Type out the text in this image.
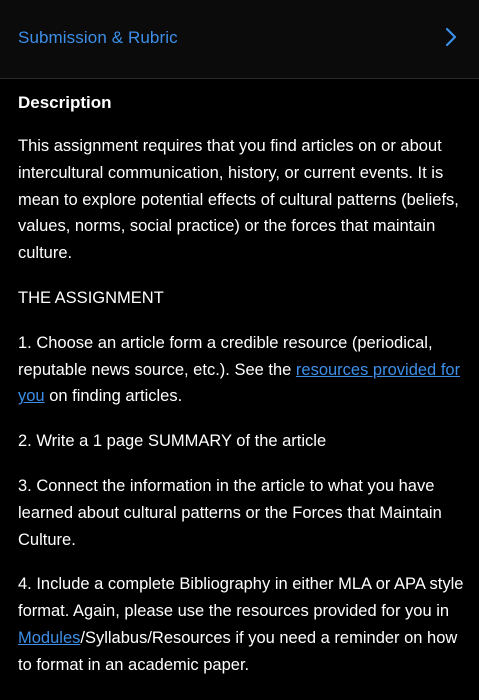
Submission & Rubric
Description

This assignment requires that you find articles on or about intercultural communication, history, or current events. It is mean to explore potential effects of cultural patterns (beliefs, values, norms, social practice) or the forces that maintain culture.

THE ASSIGNMENT

1. Choose an article form a credible resource (periodical, reputable news source, etc.). See the resources provided for you on finding articles.

2. Write a 1 page SUMMARY of the article

3. Connect the information in the article to what you have learned about cultural patterns or the Forces that Maintain Culture.

4. Include a complete Bibliography in either MLA or APA style format. Again, please use the resources provided for you in Modules/Syllabus/Resources if you need a reminder on how to format in an academic paper.
